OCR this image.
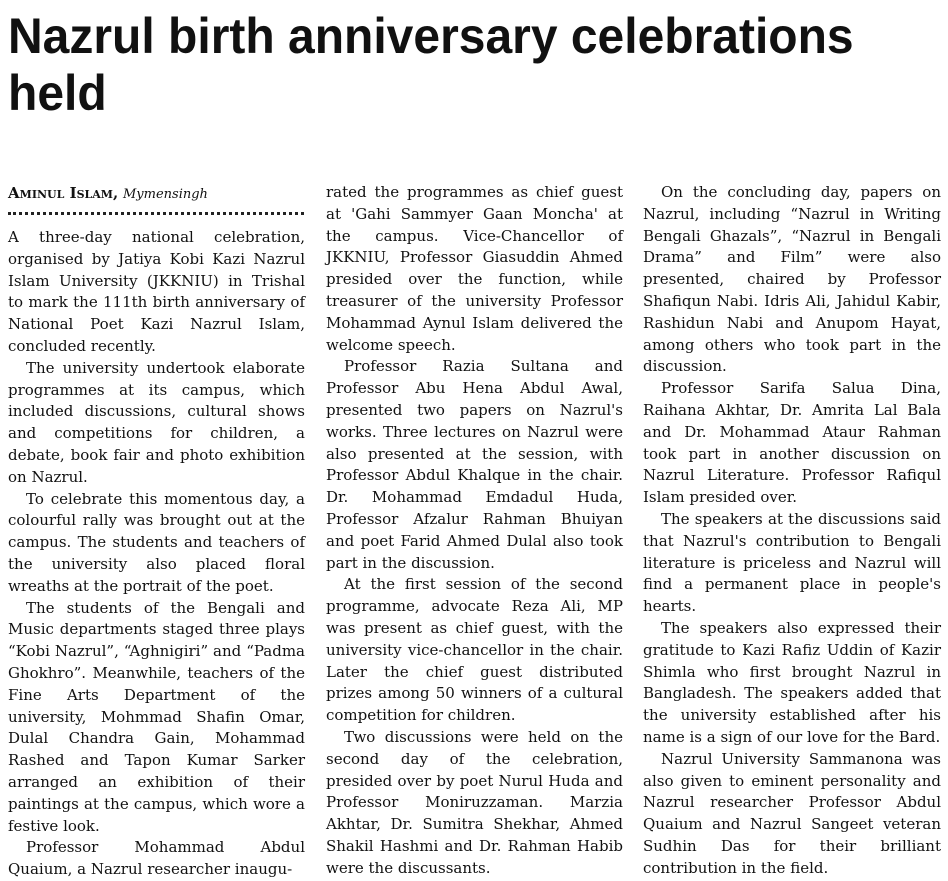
Nazrul birth anniversary celebrations held
Aminul Islam, Mymensingh

A three-day national celebration, organised by Jatiya Kobi Kazi Nazrul Islam University (JKKNIU) in Trishal to mark the 111th birth anniversary of National Poet Kazi Nazrul Islam, concluded recently.

The university undertook elaborate programmes at its campus, which included discussions, cultural shows and competitions for children, a debate, book fair and photo exhibition on Nazrul.

To celebrate this momentous day, a colourful rally was brought out at the campus. The students and teachers of the university also placed floral wreaths at the portrait of the poet.

The students of the Bengali and Music departments staged three plays “Kobi Nazrul”, “Aghnigiri” and “Padma Ghokhro”. Meanwhile, teachers of the Fine Arts Department of the university, Mohmmad Shafin Omar, Dulal Chandra Gain, Mohammad Rashed and Tapon Kumar Sarker arranged an exhibition of their paintings at the campus, which wore a festive look.

Professor Mohammad Abdul Quaium, a Nazrul researcher inaugu-

rated the programmes as chief guest at 'Gahi Sammyer Gaan Moncha' at the campus. Vice-Chancellor of JKKNIU, Professor Giasuddin Ahmed presided over the function, while treasurer of the university Professor Mohammad Aynul Islam delivered the welcome speech.

Professor Razia Sultana and Professor Abu Hena Abdul Awal, presented two papers on Nazrul's works. Three lectures on Nazrul were also presented at the session, with Professor Abdul Khalque in the chair. Dr. Mohammad Emdadul Huda, Professor Afzalur Rahman Bhuiyan and poet Farid Ahmed Dulal also took part in the discussion.

At the first session of the second programme, advocate Reza Ali, MP was present as chief guest, with the university vice-chancellor in the chair. Later the chief guest distributed prizes among 50 winners of a cultural competition for children.

Two discussions were held on the second day of the celebration, presided over by poet Nurul Huda and Professor Moniruzzaman. Marzia Akhtar, Dr. Sumitra Shekhar, Ahmed Shakil Hashmi and Dr. Rahman Habib were the discussants.

On the concluding day, papers on Nazrul, including “Nazrul in Writing Bengali Ghazals”, “Nazrul in Bengali Drama” and Film” were also presented, chaired by Professor Shafiqun Nabi. Idris Ali, Jahidul Kabir, Rashidun Nabi and Anupom Hayat, among others who took part in the discussion.

Professor Sarifa Salua Dina, Raihana Akhtar, Dr. Amrita Lal Bala and Dr. Mohammad Ataur Rahman took part in another discussion on Nazrul Literature. Professor Rafiqul Islam presided over.

The speakers at the discussions said that Nazrul's contribution to Bengali literature is priceless and Nazrul will find a permanent place in people's hearts.

The speakers also expressed their gratitude to Kazi Rafiz Uddin of Kazir Shimla who first brought Nazrul in Bangladesh. The speakers added that the university established after his name is a sign of our love for the Bard.

Nazrul University Sammanona was also given to eminent personality and Nazrul researcher Professor Abdul Quaium and Nazrul Sangeet veteran Sudhin Das for their brilliant contribution in the field.
